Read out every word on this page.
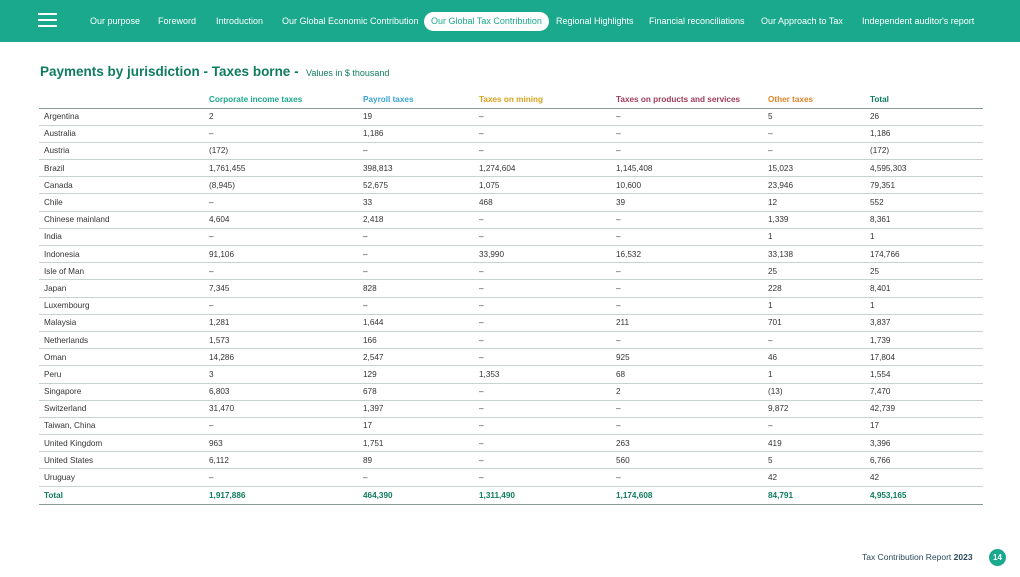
Our purpose Foreword Introduction Our Global Economic Contribution	Our Global Tax Contribution	Regional Highlights Financial reconciliations Our Approach to Tax Independent auditor's report
Payments by jurisdiction - Taxes borne - Values in $ thousand
	Corporate income taxes	Payroll taxes	Taxes on mining	Taxes on products and services	Other taxes	Total
Argentina	2	19	–	–	5	26
Australia	–	1,186	–	–	–	1,186
Austria	(172)	–	–	–	–	(172)
Brazil	1,761,455	398,813	1,274,604	1,145,408	15,023	4,595,303
Canada	(8,945)	52,675	1,075	10,600	23,946	79,351
Chile	–	33	468	39	12	552
Chinese mainland	4,604	2,418	–	–	1,339	8,361
India	–	–	–	–	1	1
Indonesia	91,106	–	33,990	16,532	33,138	174,766
Isle of Man	–	–	–	–	25	25
Japan	7,345	828	–	–	228	8,401
Luxembourg	–	–	–	–	1	1
Malaysia	1,281	1,644	–	211	701	3,837
Netherlands	1,573	166	–	–	–	1,739
Oman	14,286	2,547	–	925	46	17,804
Peru	3	129	1,353	68	1	1,554
Singapore	6,803	678	–	2	(13)	7,470
Switzerland	31,470	1,397	–	–	9,872	42,739
Taiwan, China	–	17	–	–	–	17
United Kingdom	963	1,751	–	263	419	3,396
United States	6,112	89	–	560	5	6,766
Uruguay	–	–	–	–	42	42
Total	1,917,886	464,390	1,311,490	1,174,608	84,791	4,953,165
Tax Contribution Report 2023	14
